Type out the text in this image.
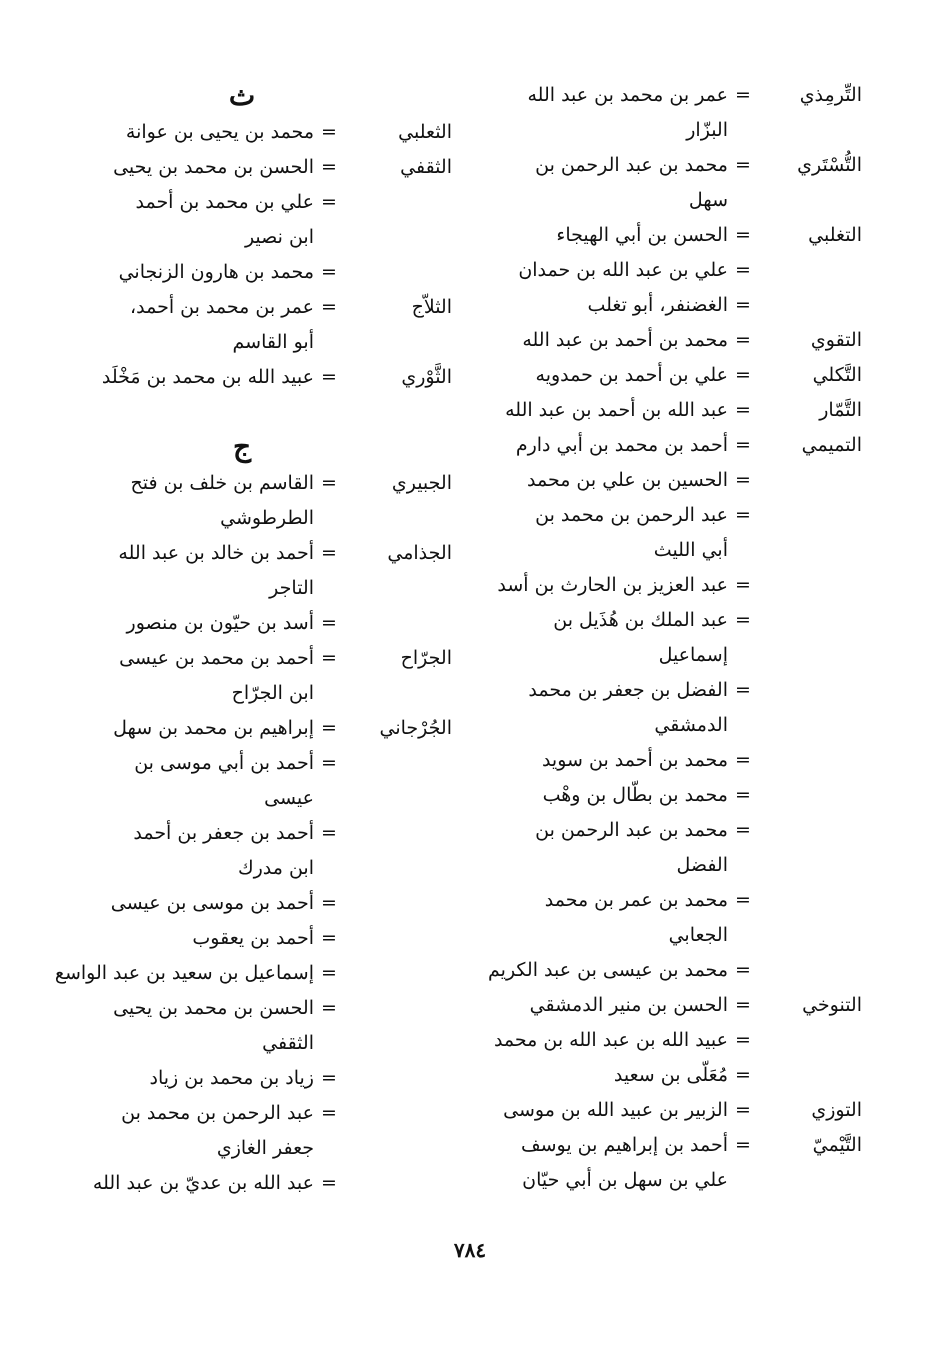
التِّرمِذي
=
عمر بن محمد بن عبد الله
البزّار
التُّسْتَري
=
محمد بن عبد الرحمن بن
سهل
التغلبي
=
الحسن بن أبي الهيجاء
=
علي بن عبد الله بن حمدان
=
الغضنفر، أبو تغلب
التقوي
=
محمد بن أحمد بن عبد الله
التَّكلي
=
علي بن أحمد بن حمدويه
التَّمّار
=
عبد الله بن أحمد بن عبد الله
التميمي
=
أحمد بن محمد بن أبي دارم
=
الحسين بن علي بن محمد
=
عبد الرحمن بن محمد بن
أبي الليث
=
عبد العزيز بن الحارث بن أسد
=
عبد الملك بن هُذَيل بن
إسماعيل
=
الفضل بن جعفر بن محمد
الدمشقي
=
محمد بن أحمد بن سويد
=
محمد بن بطّال بن وهْب
=
محمد بن عبد الرحمن بن
الفضل
=
محمد بن عمر بن محمد
الجعابي
=
محمد بن عيسى بن عبد الكريم
التنوخي
=
الحسن بن منير الدمشقي
=
عبيد الله بن عبد الله بن محمد
=
مُعَلّى بن سعيد
التوزي
=
الزبير بن عبيد الله بن موسى
التَّيْميّ
=
أحمد بن إبراهيم بن يوسف
علي بن سهل بن أبي حيّان
ث
الثعلبي
=
محمد بن يحيى بن عوانة
الثقفي
=
الحسن بن محمد بن يحيى
=
علي بن محمد بن أحمد
ابن نصير
=
محمد بن هارون الزنجاني
الثلاّج
=
عمر بن محمد بن أحمد،
أبو القاسم
الثَّوْري
=
عبيد الله بن محمد بن مَخْلَد
ج
الجبيري
=
القاسم بن خلف بن فتح
الطرطوشي
الجذامي
=
أحمد بن خالد بن عبد الله
التاجر
=
أسد بن حيّون بن منصور
الجرّاح
=
أحمد بن محمد بن عيسى
ابن الجرّاح
الجُرْجاني
=
إبراهيم بن محمد بن سهل
=
أحمد بن أبي موسى بن
عيسى
=
أحمد بن جعفر بن أحمد
ابن مدرك
=
أحمد بن موسى بن عيسى
=
أحمد بن يعقوب
=
إسماعيل بن سعيد بن عبد الواسع
=
الحسن بن محمد بن يحيى
الثقفي
=
زياد بن محمد بن زياد
=
عبد الرحمن بن محمد بن
جعفر الغازي
=
عبد الله بن عديّ بن عبد الله
٧٨٤
